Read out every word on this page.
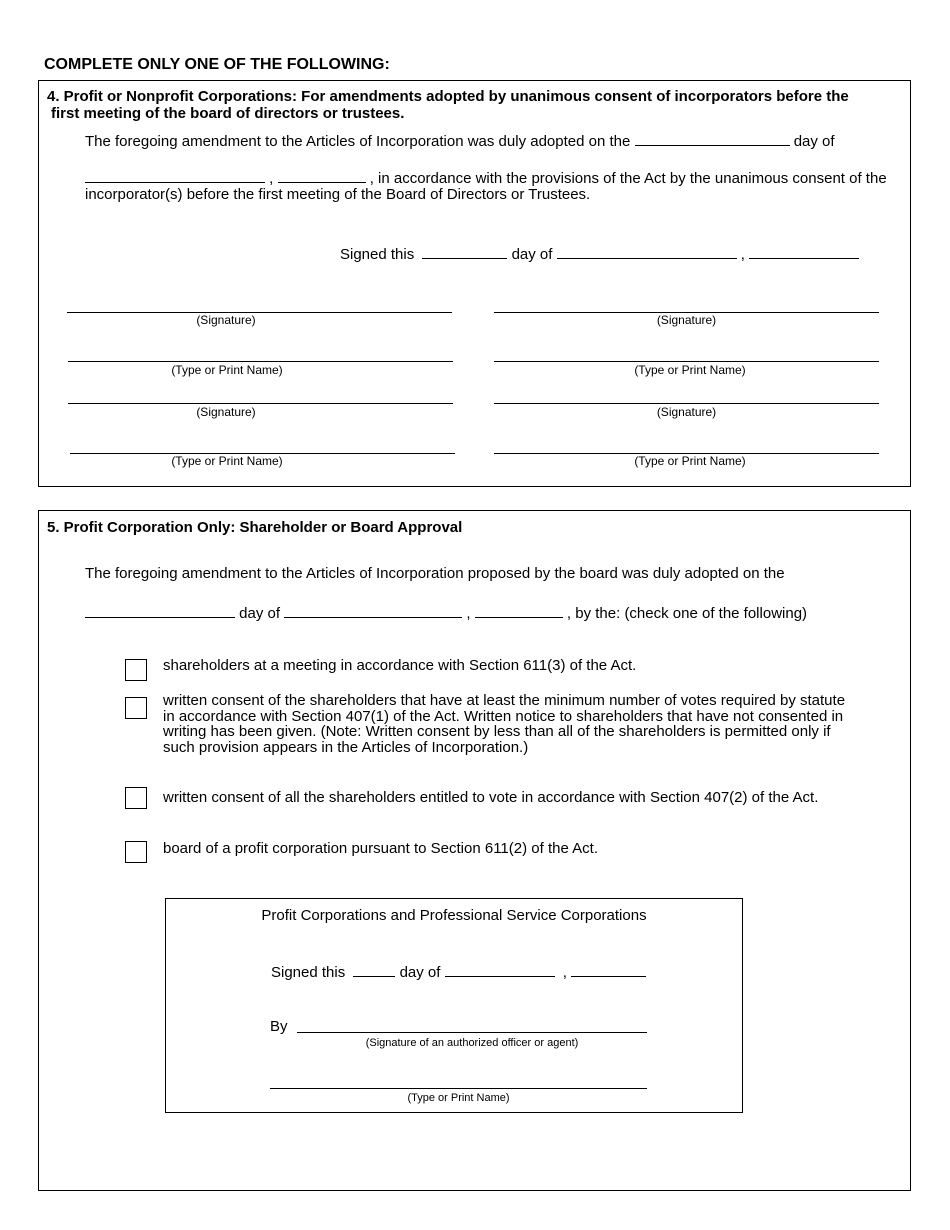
COMPLETE ONLY ONE OF THE FOLLOWING:
4. Profit or Nonprofit Corporations: For amendments adopted by unanimous consent of incorporators before the
first meeting of the board of directors or trustees.
The foregoing amendment to the Articles of Incorporation was duly adopted on the	day of
,	, in accordance with the provisions of the Act by the unanimous consent of the
incorporator(s) before the first meeting of the Board of Directors or Trustees.
Signed this	day of	,
(Signature)	(Signature)
(Type or Print Name)	(Type or Print Name)
(Signature)	(Signature)
(Type or Print Name)	(Type or Print Name)
5. Profit Corporation Only: Shareholder or Board Approval
The foregoing amendment to the Articles of Incorporation proposed by the board was duly adopted on the
day of	,	, by the: (check one of the following)
shareholders at a meeting in accordance with Section 611(3) of the Act.
written consent of the shareholders that have at least the minimum number of votes required by statute in accordance with Section 407(1) of the Act. Written notice to shareholders that have not consented in writing has been given. (Note: Written consent by less than all of the shareholders is permitted only if such provision appears in the Articles of Incorporation.)
written consent of all the shareholders entitled to vote in accordance with Section 407(2) of the Act.
board of a profit corporation pursuant to Section 611(2) of the Act.
Profit Corporations and Professional Service Corporations
Signed this	day of	,
By
(Signature of an authorized officer or agent)
(Type or Print Name)
